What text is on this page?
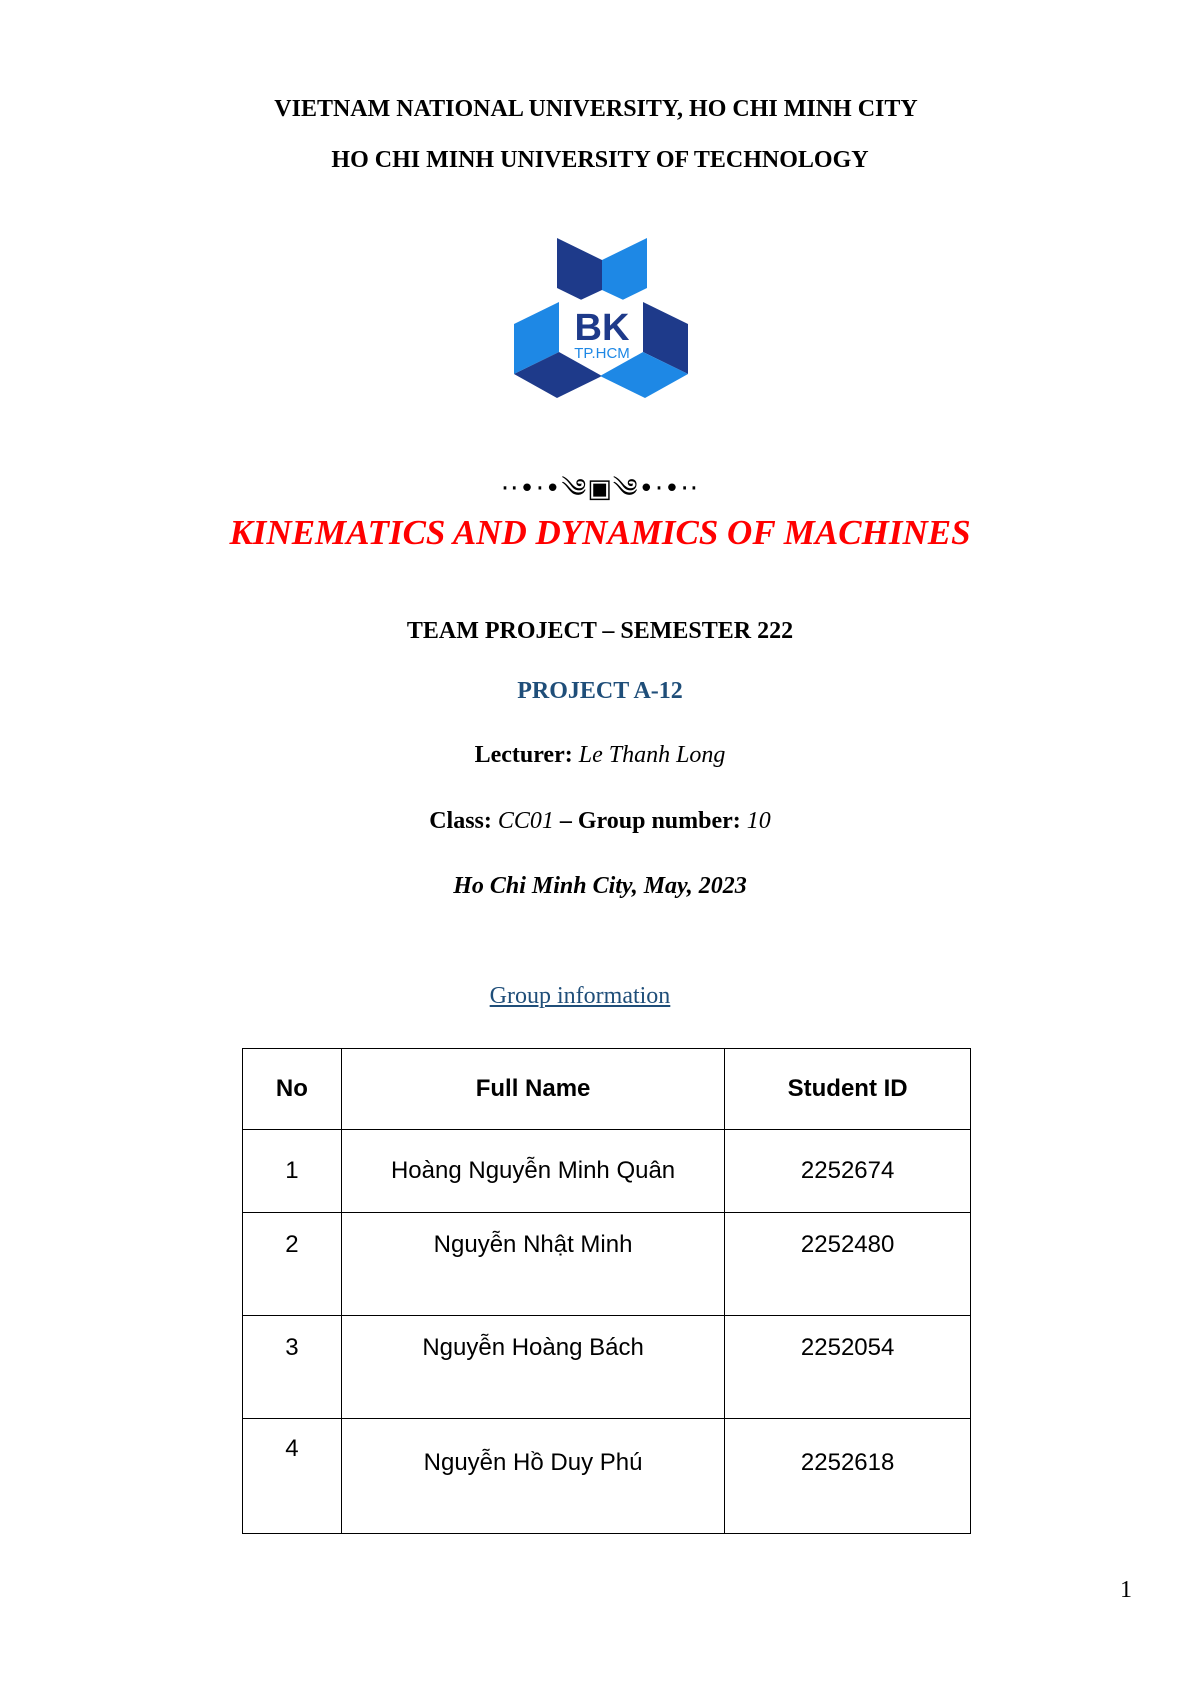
VIETNAM NATIONAL UNIVERSITY, HO CHI MINH CITY
HO CHI MINH UNIVERSITY OF TECHNOLOGY
BK
TP.HCM
··•·•༄▣༄•·•··
KINEMATICS AND DYNAMICS OF MACHINES
TEAM PROJECT – SEMESTER 222
PROJECT A-12
Lecturer: Le Thanh Long
Class: CC01 – Group number: 10
Ho Chi Minh City, May, 2023
Group information
No	Full Name	Student ID
1	Hoàng Nguyễn Minh Quân	2252674
2	Nguyễn Nhật Minh	2252480
3	Nguyễn Hoàng Bách	2252054
4	Nguyễn Hồ Duy Phú	2252618
1
